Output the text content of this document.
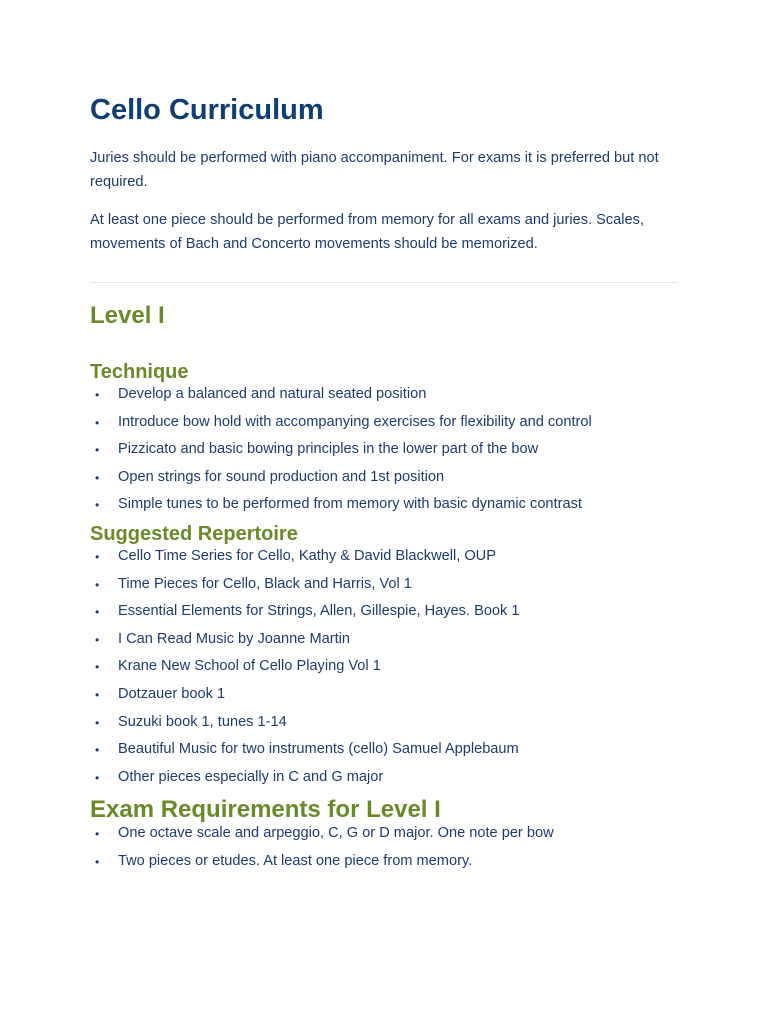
Cello Curriculum

Juries should be performed with piano accompaniment. For exams it is preferred but not required.

At least one piece should be performed from memory for all exams and juries. Scales, movements of Bach and Concerto movements should be memorized.

Level I
Technique
• Develop a balanced and natural seated position
• Introduce bow hold with accompanying exercises for flexibility and control
• Pizzicato and basic bowing principles in the lower part of the bow
• Open strings for sound production and 1st position
• Simple tunes to be performed from memory with basic dynamic contrast
Suggested Repertoire
• Cello Time Series for Cello, Kathy & David Blackwell, OUP
• Time Pieces for Cello, Black and Harris, Vol 1
• Essential Elements for Strings, Allen, Gillespie, Hayes. Book 1
• I Can Read Music by Joanne Martin
• Krane New School of Cello Playing Vol 1
• Dotzauer book 1
• Suzuki book 1, tunes 1-14
• Beautiful Music for two instruments (cello) Samuel Applebaum
• Other pieces especially in C and G major
Exam Requirements for Level I
• One octave scale and arpeggio, C, G or D major. One note per bow
• Two pieces or etudes. At least one piece from memory.
